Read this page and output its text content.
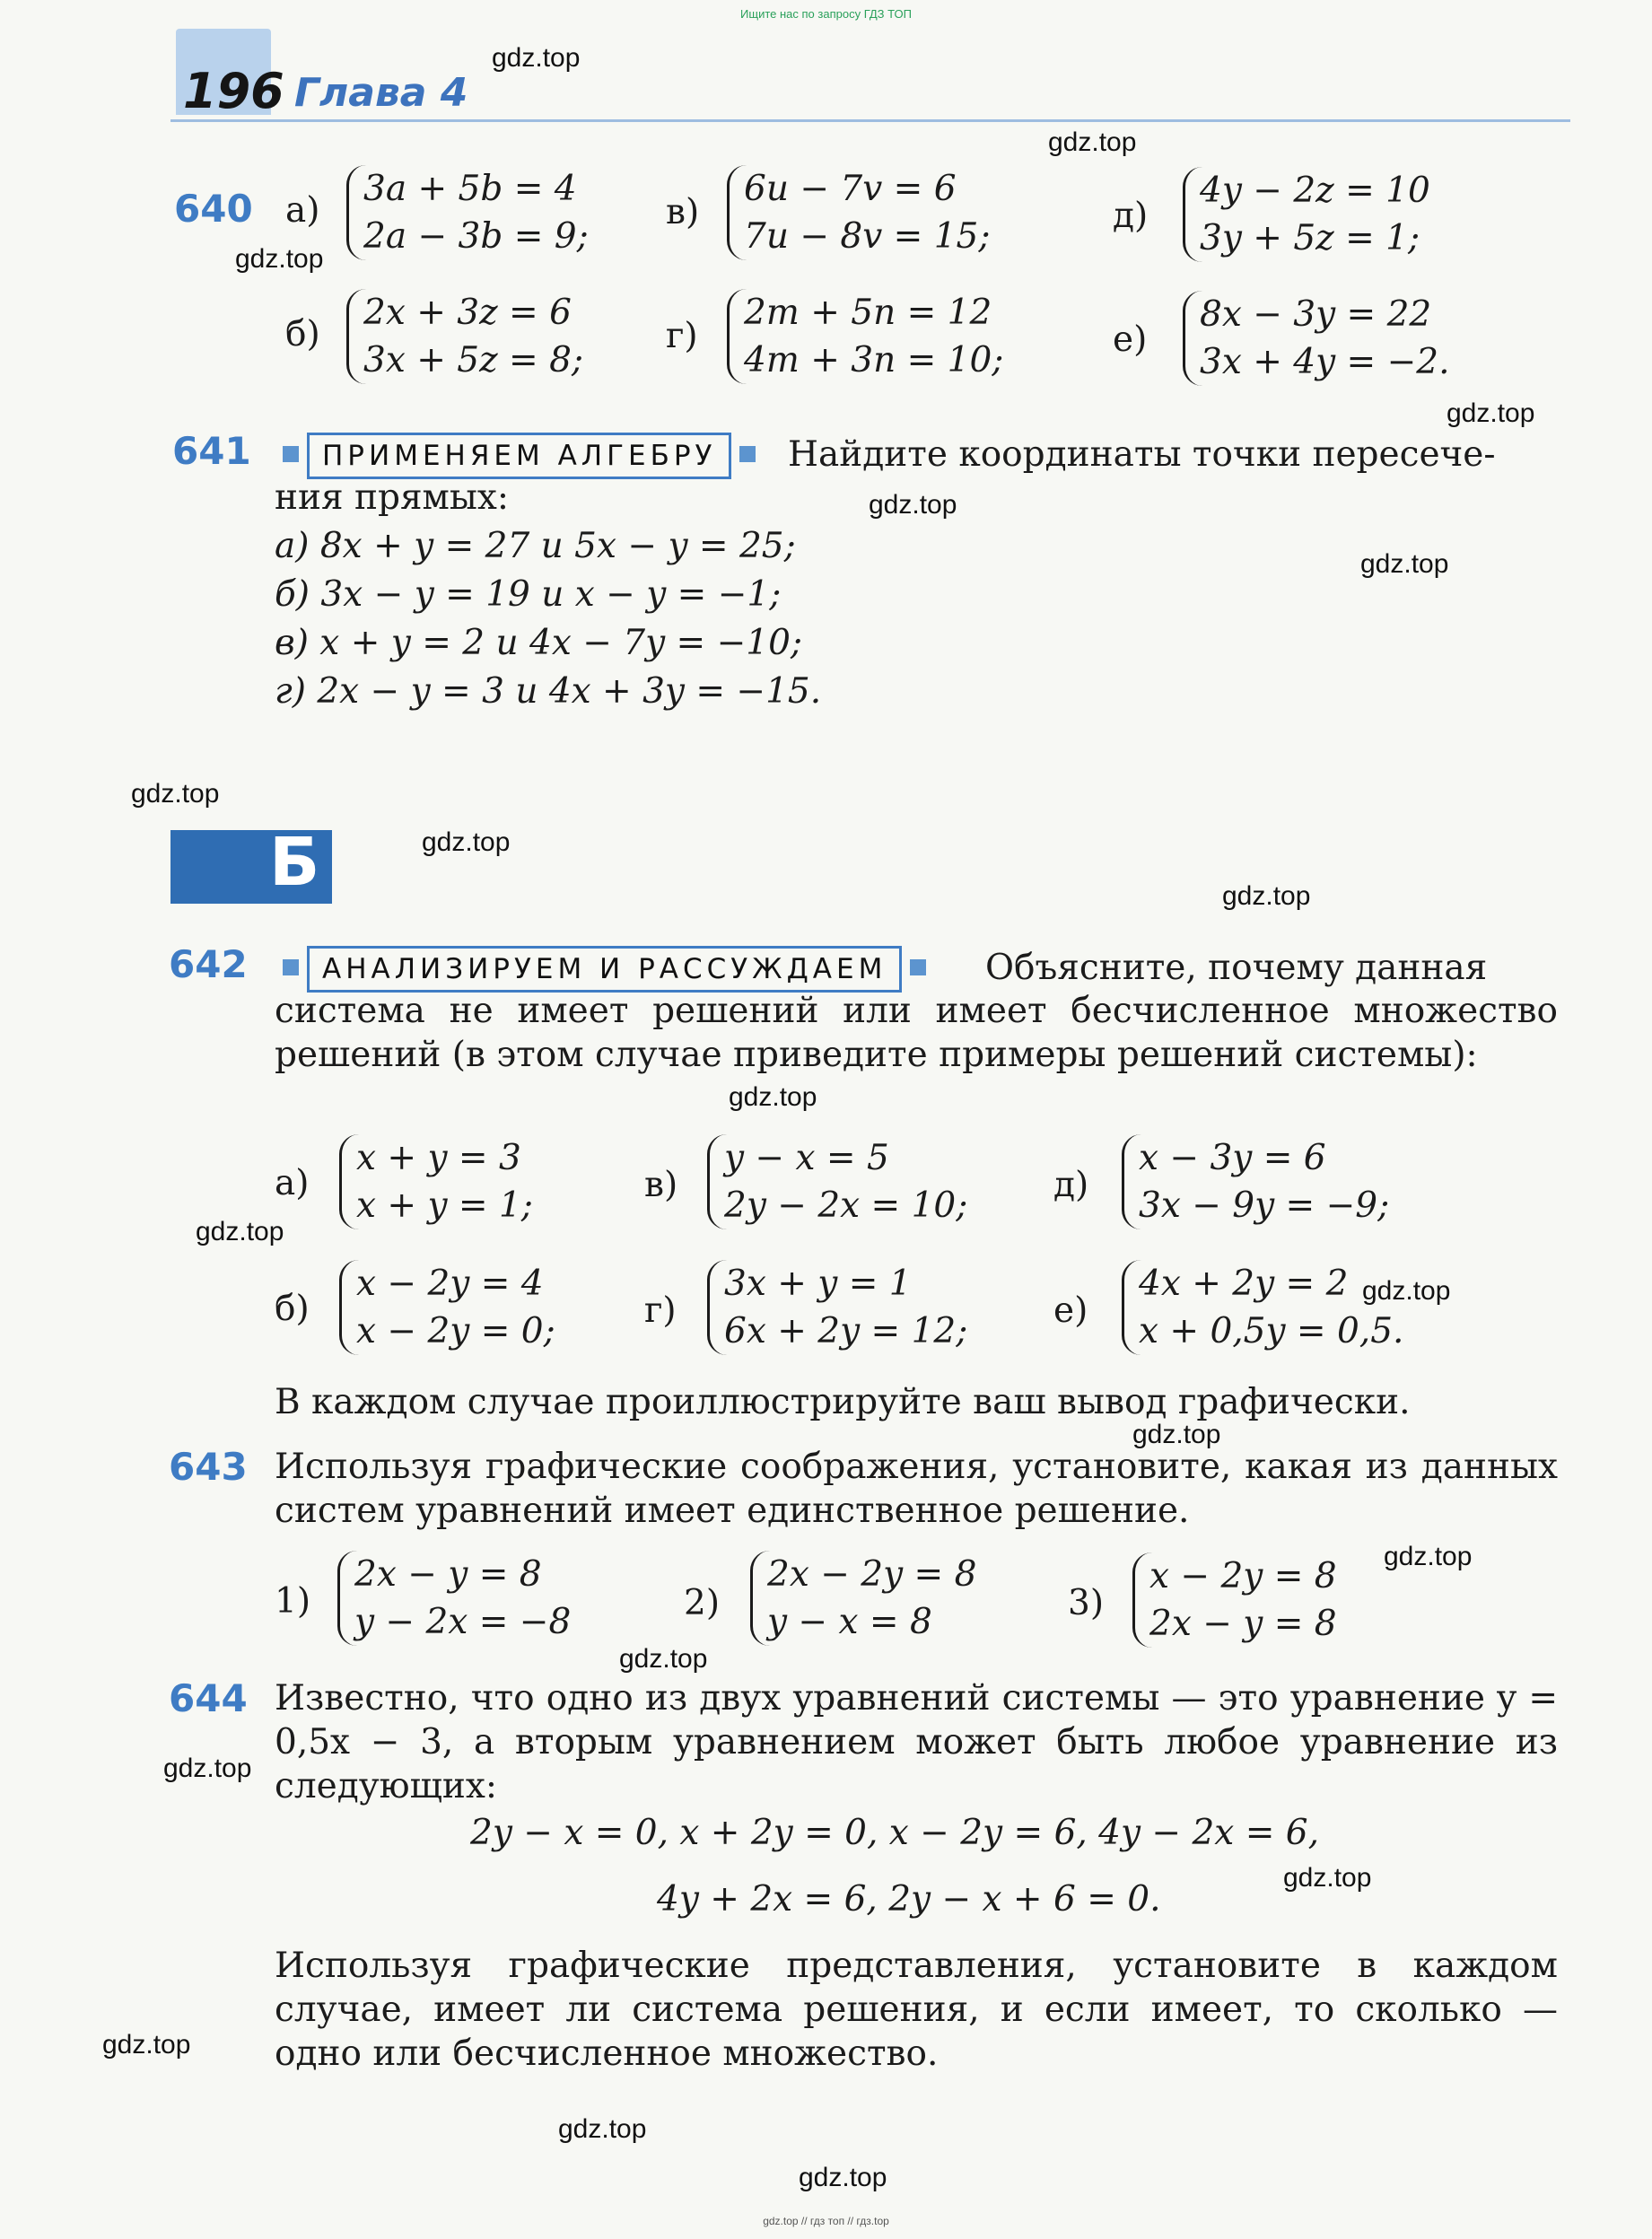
Ищите нас по запросу ГДЗ ТОП
196 Глава 4
gdz.top
gdz.top
gdz.top
gdz.top
gdz.top
gdz.top
gdz.top
gdz.top
gdz.top
gdz.top
gdz.top
gdz.top
gdz.top
gdz.top
gdz.top
gdz.top
gdz.top
gdz.top
gdz.top
gdz.top
640 а)
3a + 5b = 4
2a − 3b = 9;
в)
6u − 7v = 6
7u − 8v = 15;
д)
4y − 2z = 10
3y + 5z = 1;
б)
2x + 3z = 6
3x + 5z = 8;
г)
2m + 5n = 12
4m + 3n = 10;
е)
8x − 3y = 22
3x + 4y = −2.
641	ПРИМЕНЯЕМ АЛГЕБРУ	Найдите координаты точки пересече-
ния прямых:
а) 8x + y = 27 и 5x − y = 25;
б) 3x − y = 19 и x − y = −1;
в) x + y = 2 и 4x − 7y = −10;
г) 2x − y = 3 и 4x + 3y = −15.
Б
642	АНАЛИЗИРУЕМ И РАССУЖДАЕМ	Объясните, почему данная
система не имеет решений или имеет бесчисленное множество решений (в этом случае приведите примеры решений системы):
а)
x + y = 3
x + y = 1;
в)
y − x = 5
2y − 2x = 10;
д)
x − 3y = 6
3x − 9y = −9;
б)
x − 2y = 4
x − 2y = 0;
г)
3x + y = 1
6x + 2y = 12;
е)
4x + 2y = 2
x + 0,5y = 0,5.
В каждом случае проиллюстрируйте ваш вывод графически.
643 Используя графические соображения, установите, какая из данных систем уравнений имеет единственное решение.
1)
2x − y = 8
y − 2x = −8	2)
2x − 2y = 8
y − x = 8	3)
x − 2y = 8
2x − y = 8
644 Известно, что одно из двух уравнений системы — это уравнение y = 0,5x − 3, а вторым уравнением может быть любое уравнение из следующих:
2y − x = 0, x + 2y = 0, x − 2y = 6, 4y − 2x = 6,
4y + 2x = 6, 2y − x + 6 = 0.
Используя графические представления, установите в каждом случае, имеет ли система решения, и если имеет, то сколько — одно или бесчисленное множество.
gdz.top // гдз топ // гдз.top
